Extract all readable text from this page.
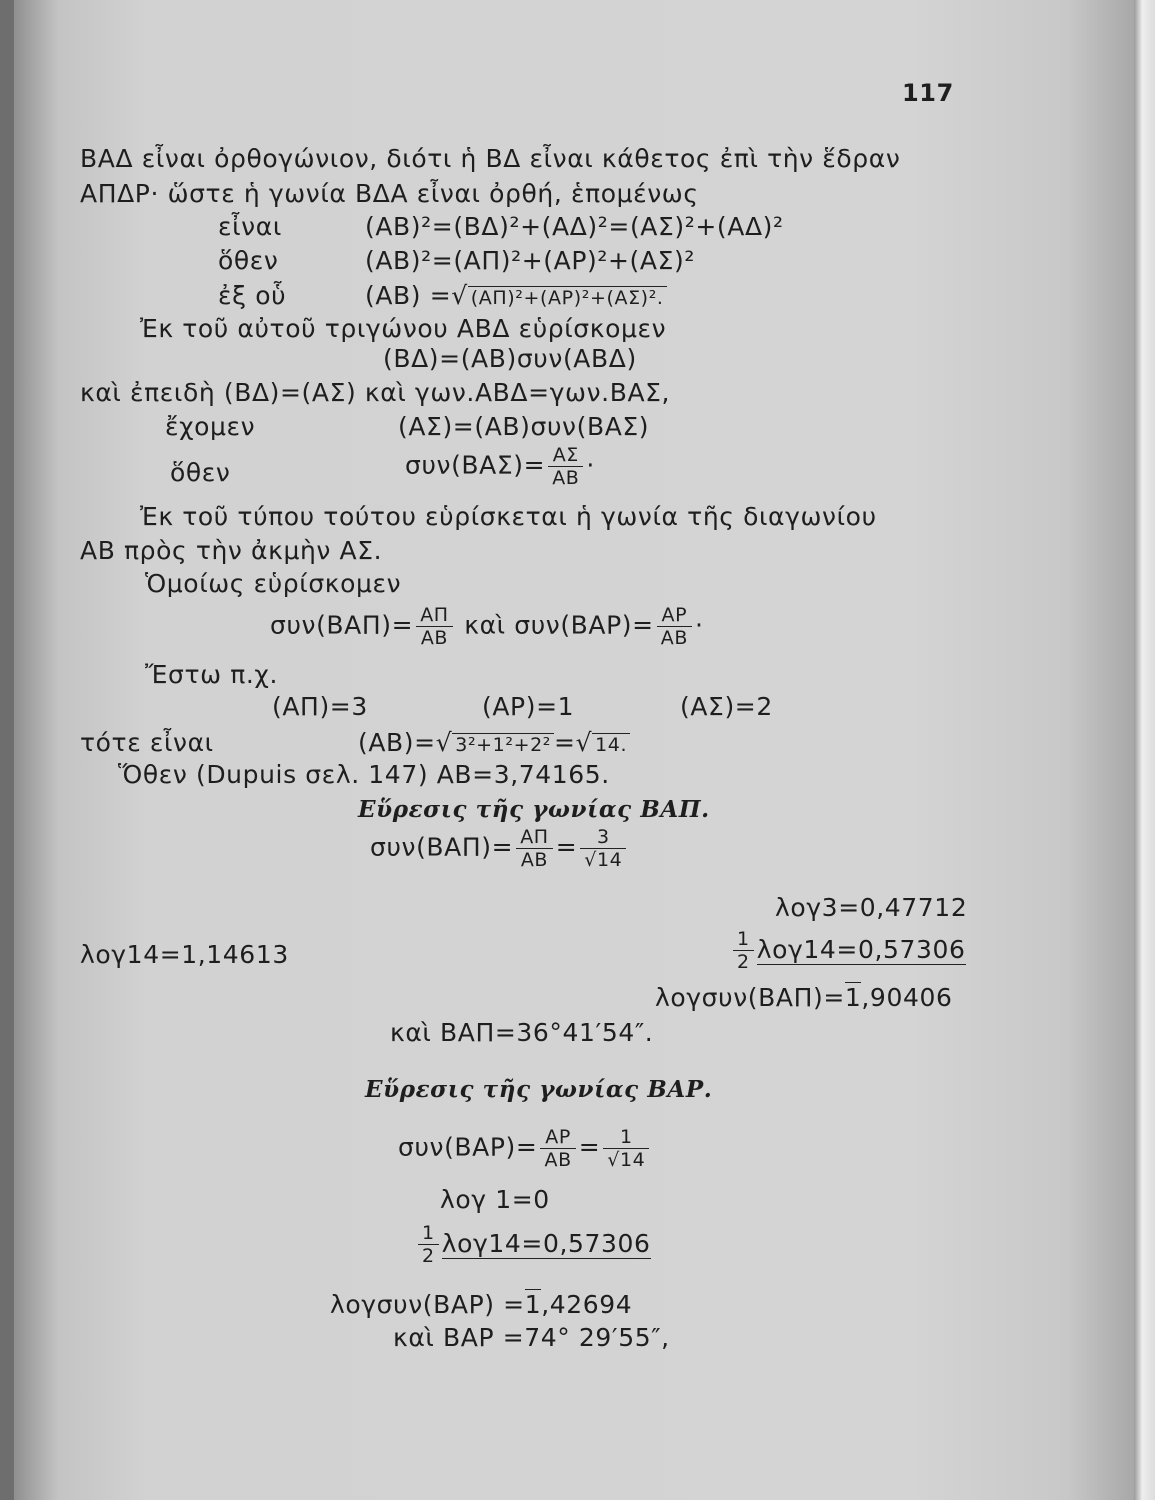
117
ΒΑΔ εἶναι ὀρθογώνιον, διότι ἡ ΒΔ εἶναι κάθετος ἐπὶ τὴν ἕδραν
ΑΠΔΡ· ὥστε ἡ γωνία ΒΔΑ εἶναι ὀρθή, ἑπομένως
εἶναι	(ΑΒ)²=(ΒΔ)²+(ΑΔ)²=(ΑΣ)²+(ΑΔ)²
ὅθεν	(ΑΒ)²=(ΑΠ)²+(ΑΡ)²+(ΑΣ)²
ἐξ οὗ	(ΑΒ) =√ (ΑΠ)²+(ΑΡ)²+(ΑΣ)².
Ἐκ τοῦ αὐτοῦ τριγώνου ΑΒΔ εὑρίσκομεν
(ΒΔ)=(ΑΒ)συν(ΑΒΔ)
καὶ ἐπειδὴ (ΒΔ)=(ΑΣ) καὶ γων.ΑΒΔ=γων.ΒΑΣ,
ἔχομεν	(ΑΣ)=(ΑΒ)συν(ΒΑΣ)
ὅθεν	$\sigma\upsilon\nu(BA\Sigma)= \frac{A\Sigma}{AB}$ ·
Ἐκ τοῦ τύπου τούτου εὑρίσκεται ἡ γωνία τῆς διαγωνίου
ΑΒ πρὸς τὴν ἀκμὴν ΑΣ.
Ὁμοίως εὑρίσκομεν
$\sigma\upsilon\nu(BA\Pi)= \frac{A\Pi}{AB}$ καὶ $\sigma\upsilon\nu(BAP)= \frac{AP}{AB}$ ·
Ἔστω π.χ.
(ΑΠ)=3	(ΑΡ)=1	(ΑΣ)=2
τότε εἶναι	(ΑΒ)=√ 3²+1²+2² =√ 14.
Ὅθεν (Dupuis σελ. 147) ΑΒ=3,74165.
Εὕρεσις τῆς γωνίας ΒΑΠ.
$\sigma\upsilon\nu(BA\Pi)= \frac{A\Pi}{AB} = \frac{3}{√14}$
λογ3=0,47712
λογ14=1,14613	$\frac{1}{2} \lambda o\gamma 14=0,57306$
λογσυν(ΒΑΠ)=1,90406
καὶ ΒΑΠ=36°41′54″.
Εὕρεσις τῆς γωνίας ΒΑΡ.
$\sigma\upsilon\nu(BAP)= \frac{AP}{AB} = \frac{1}{√14}$
λογ 1=0
$\frac{1}{2} \lambda o\gamma 14=0,57306$
λογσυν(ΒΑΡ) =1,42694
καὶ ΒΑΡ =74° 29′55″,
